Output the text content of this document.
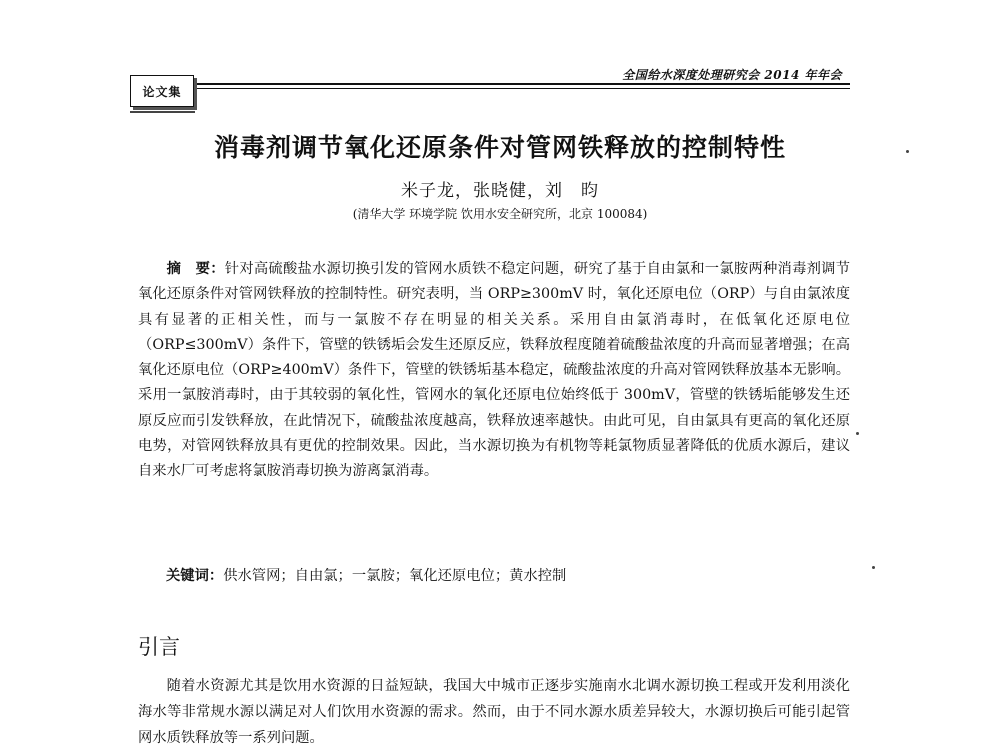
全国给水深度处理研究会 2014 年年会
论文集
消毒剂调节氧化还原条件对管网铁释放的控制特性
米子龙，张晓健，刘　昀
(清华大学 环境学院 饮用水安全研究所，北京 100084)
摘　要：针对高硫酸盐水源切换引发的管网水质铁不稳定问题，研究了基于自由氯和一氯胺两种消毒剂调节氧化还原条件对管网铁释放的控制特性。研究表明，当 ORP≥300mV 时，氧化还原电位（ORP）与自由氯浓度具有显著的正相关性，而与一氯胺不存在明显的相关关系。采用自由氯消毒时，在低氧化还原电位（ORP≤300mV）条件下，管壁的铁锈垢会发生还原反应，铁释放程度随着硫酸盐浓度的升高而显著增强；在高氧化还原电位（ORP≥400mV）条件下，管壁的铁锈垢基本稳定，硫酸盐浓度的升高对管网铁释放基本无影响。采用一氯胺消毒时，由于其较弱的氧化性，管网水的氧化还原电位始终低于 300mV，管壁的铁锈垢能够发生还原反应而引发铁释放，在此情况下，硫酸盐浓度越高，铁释放速率越快。由此可见，自由氯具有更高的氧化还原电势，对管网铁释放具有更优的控制效果。因此，当水源切换为有机物等耗氯物质显著降低的优质水源后，建议自来水厂可考虑将氯胺消毒切换为游离氯消毒。
关键词：供水管网；自由氯；一氯胺；氧化还原电位；黄水控制
引言
随着水资源尤其是饮用水资源的日益短缺，我国大中城市正逐步实施南水北调水源切换工程或开发利用淡化海水等非常规水源以满足对人们饮用水资源的需求。然而，由于不同水源水质差异较大，水源切换后可能引起管网水质铁释放等一系列问题。
